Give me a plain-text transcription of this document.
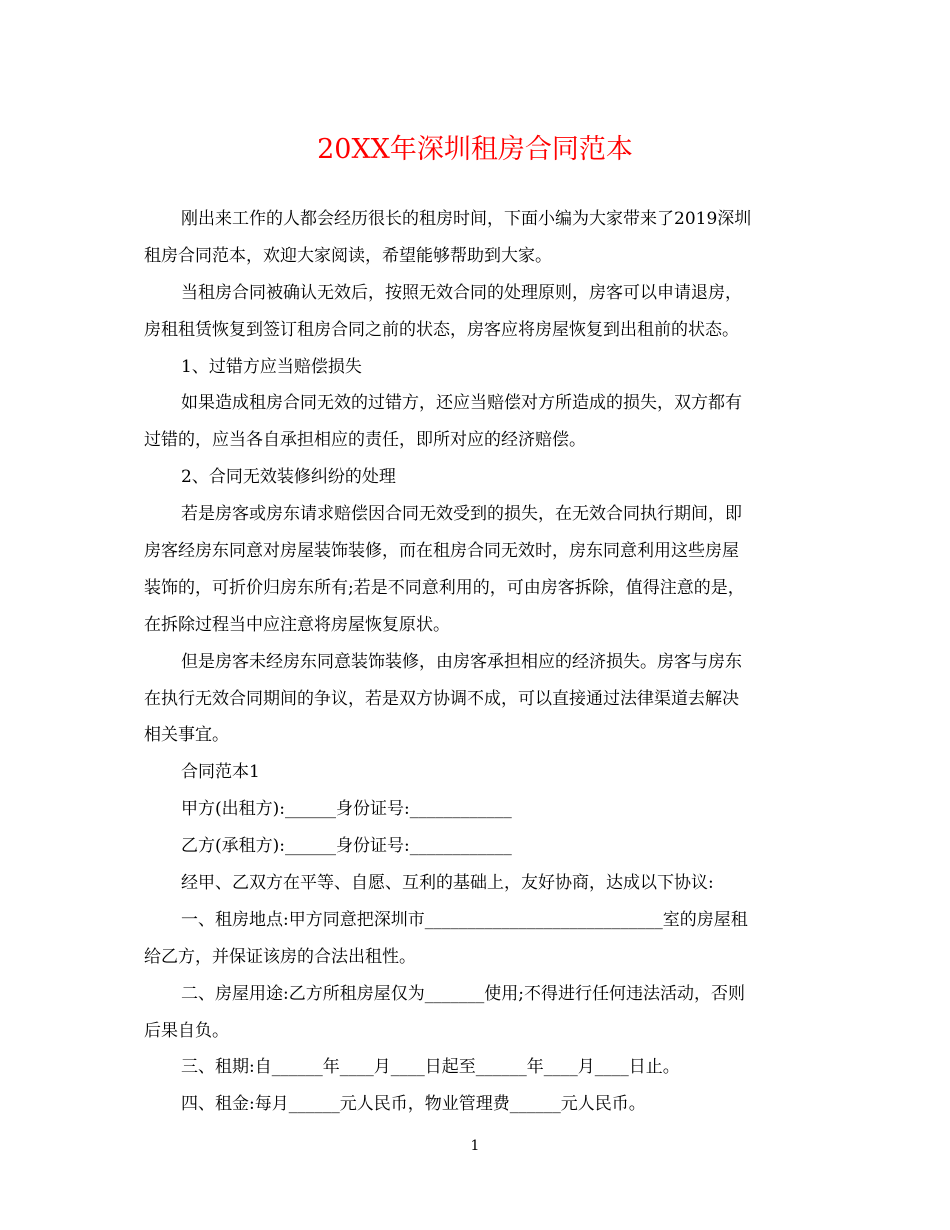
20XX年深圳租房合同范本
刚出来工作的人都会经历很长的租房时间，下面小编为大家带来了2019深圳
租房合同范本，欢迎大家阅读，希望能够帮助到大家。
当租房合同被确认无效后，按照无效合同的处理原则，房客可以申请退房，
房租租赁恢复到签订租房合同之前的状态，房客应将房屋恢复到出租前的状态。
1、过错方应当赔偿损失
如果造成租房合同无效的过错方，还应当赔偿对方所造成的损失，双方都有
过错的，应当各自承担相应的责任，即所对应的经济赔偿。
2、合同无效装修纠纷的处理
若是房客或房东请求赔偿因合同无效受到的损失，在无效合同执行期间，即
房客经房东同意对房屋装饰装修，而在租房合同无效时，房东同意利用这些房屋
装饰的，可折价归房东所有;若是不同意利用的，可由房客拆除，值得注意的是，
在拆除过程当中应注意将房屋恢复原状。
但是房客未经房东同意装饰装修，由房客承担相应的经济损失。房客与房东
在执行无效合同期间的争议，若是双方协调不成，可以直接通过法律渠道去解决
相关事宜。
合同范本1
甲方(出租方):______身份证号:____________
乙方(承租方):______身份证号:____________
经甲、乙双方在平等、自愿、互利的基础上，友好协商，达成以下协议:
一、租房地点:甲方同意把深圳市____________________________室的房屋租
给乙方，并保证该房的合法出租性。
二、房屋用途:乙方所租房屋仅为_______使用;不得进行任何违法活动，否则
后果自负。
三、租期:自______年____月____日起至______年____月____日止。
四、租金:每月______元人民币，物业管理费______元人民币。
1
